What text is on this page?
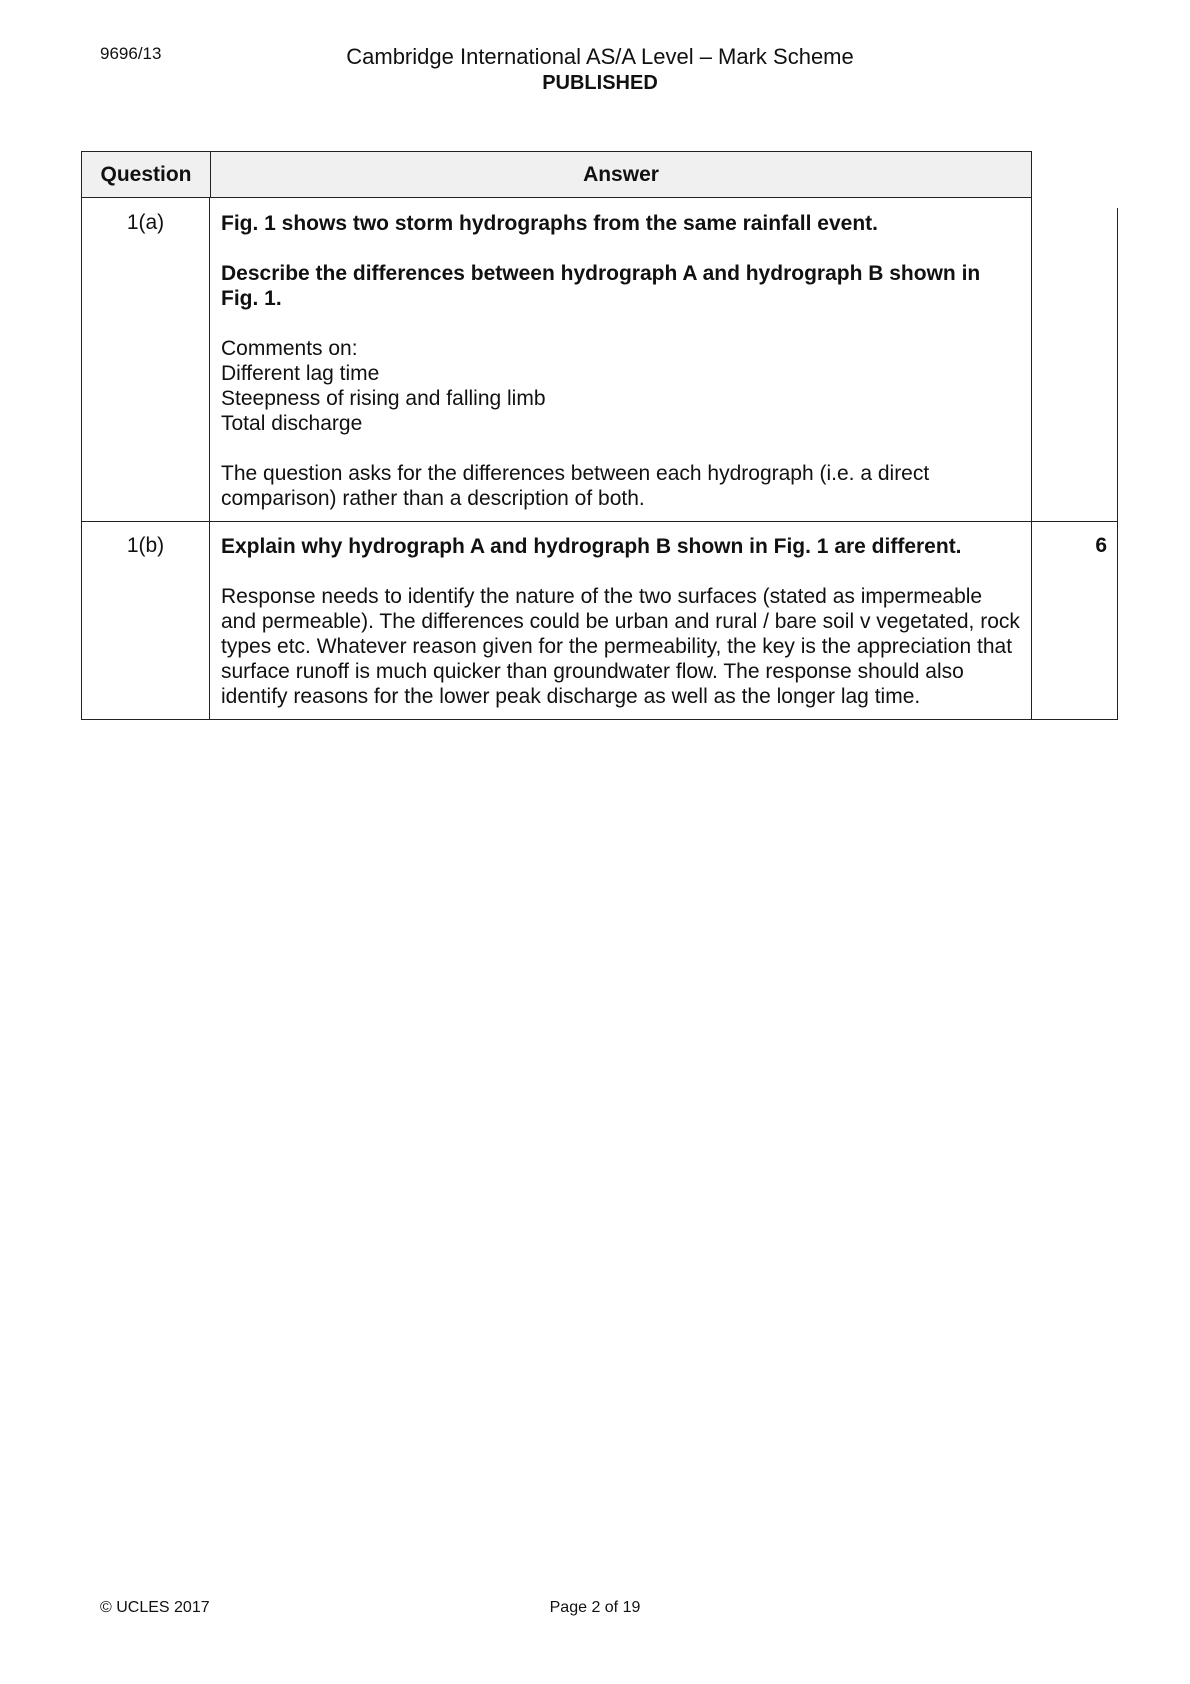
9696/13	Cambridge International AS/A Level – Mark Scheme
PUBLISHED
Question	Answer
1(a)	Fig. 1 shows two storm hydrographs from the same rainfall event.

Describe the differences between hydrograph A and hydrograph B shown in Fig. 1.

Comments on:

Different lag time

Steepness of rising and falling limb

Total discharge

The question asks for the differences between each hydrograph (i.e. a direct comparison) rather than a description of both.

1(b)	Explain why hydrograph A and hydrograph B shown in Fig. 1 are different.

Response needs to identify the nature of the two surfaces (stated as impermeable and permeable). The differences could be urban and rural / bare soil v vegetated, rock types etc. Whatever reason given for the permeability, the key is the appreciation that surface runoff is much quicker than groundwater flow. The response should also identify reasons for the lower peak discharge as well as the longer lag time.

6
© UCLES 2017	Page 2 of 19
